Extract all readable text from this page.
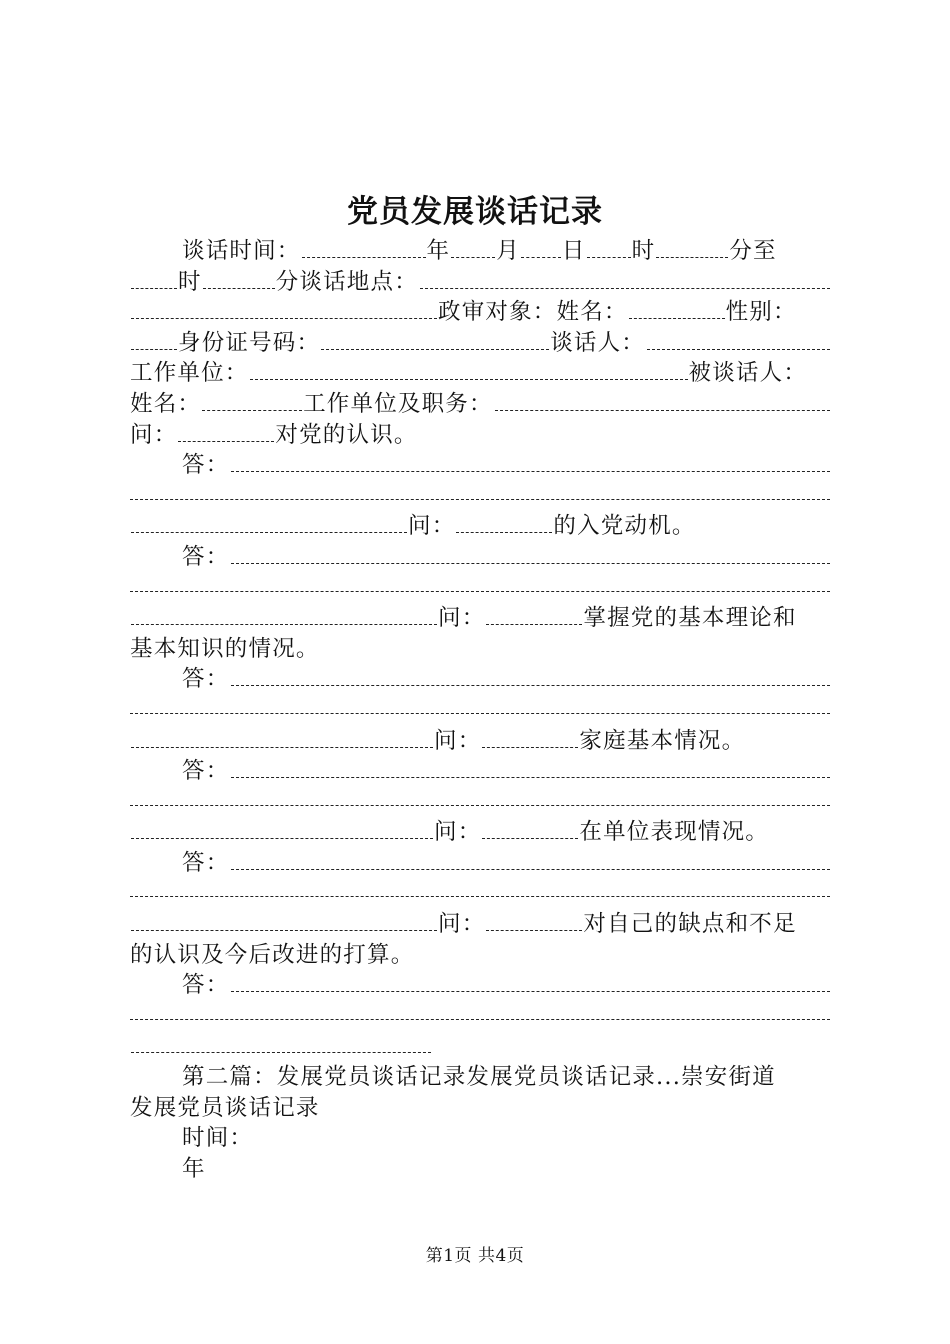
党员发展谈话记录
谈话时间：	年 月 日 时	分至
时	分谈话地点：
政审对象：姓名：	性别：
身份证号码：	谈话人：
工作单位：	被谈话人：
姓名：	工作单位及职务：
问：	对党的认识。
答：
问：	的入党动机。
答：
问：	掌握党的基本理论和
基本知识的情况。
答：
问：	家庭基本情况。
答：
问：	在单位表现情况。
答：
问：	对自己的缺点和不足
的认识及今后改进的打算。
答：
第二篇：发展党员谈话记录发展党员谈话记录...崇安街道
发展党员谈话记录
时间：
年
第1页 共4页
